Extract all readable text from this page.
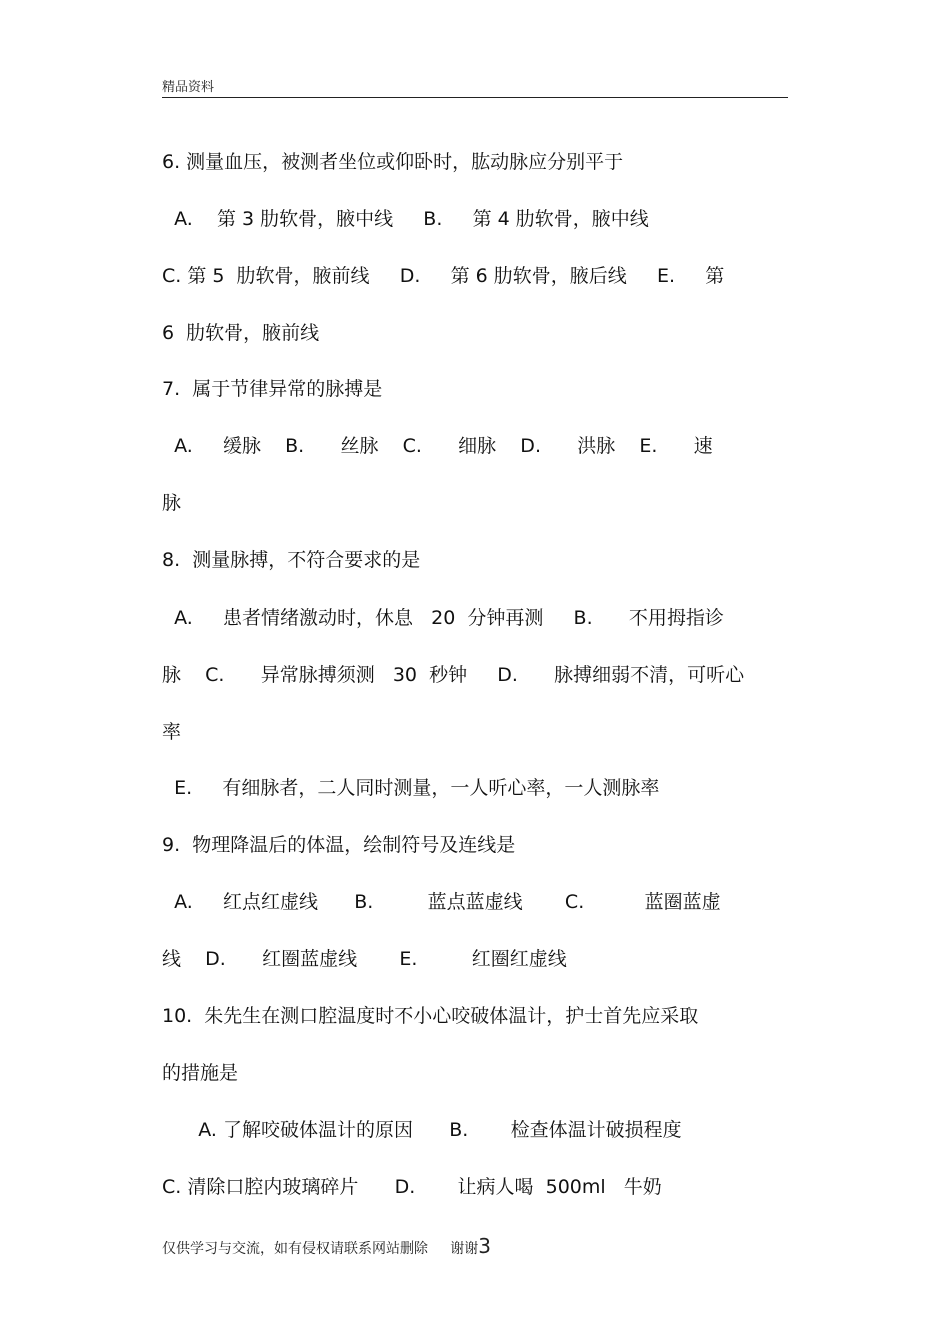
精品资料
6. 测量血压，被测者坐位或仰卧时，肱动脉应分别平于
A.    第 3 肋软骨，腋中线     B.     第 4 肋软骨，腋中线
C. 第 5  肋软骨，腋前线     D.     第 6 肋软骨，腋后线     E.     第
6  肋软骨，腋前线
7.  属于节律异常的脉搏是
A.     缓脉    B.      丝脉    C.      细脉    D.      洪脉    E.      速
脉
8.  测量脉搏，不符合要求的是
A.     患者情绪激动时，休息   20  分钟再测     B.      不用拇指诊
脉    C.      异常脉搏须测   30  秒钟     D.      脉搏细弱不清，可听心
率
E.     有细脉者，二人同时测量，一人听心率，一人测脉率
9.  物理降温后的体温，绘制符号及连线是
A.     红点红虚线      B.         蓝点蓝虚线       C.          蓝圈蓝虚
线    D.      红圈蓝虚线       E.         红圈红虚线
10.  朱先生在测口腔温度时不小心咬破体温计，护士首先应采取
的措施是
A. 了解咬破体温计的原因      B.       检查体温计破损程度
C. 清除口腔内玻璃碎片      D.       让病人喝  500ml   牛奶
仅供学习与交流，如有侵权请联系网站删除     谢谢3
